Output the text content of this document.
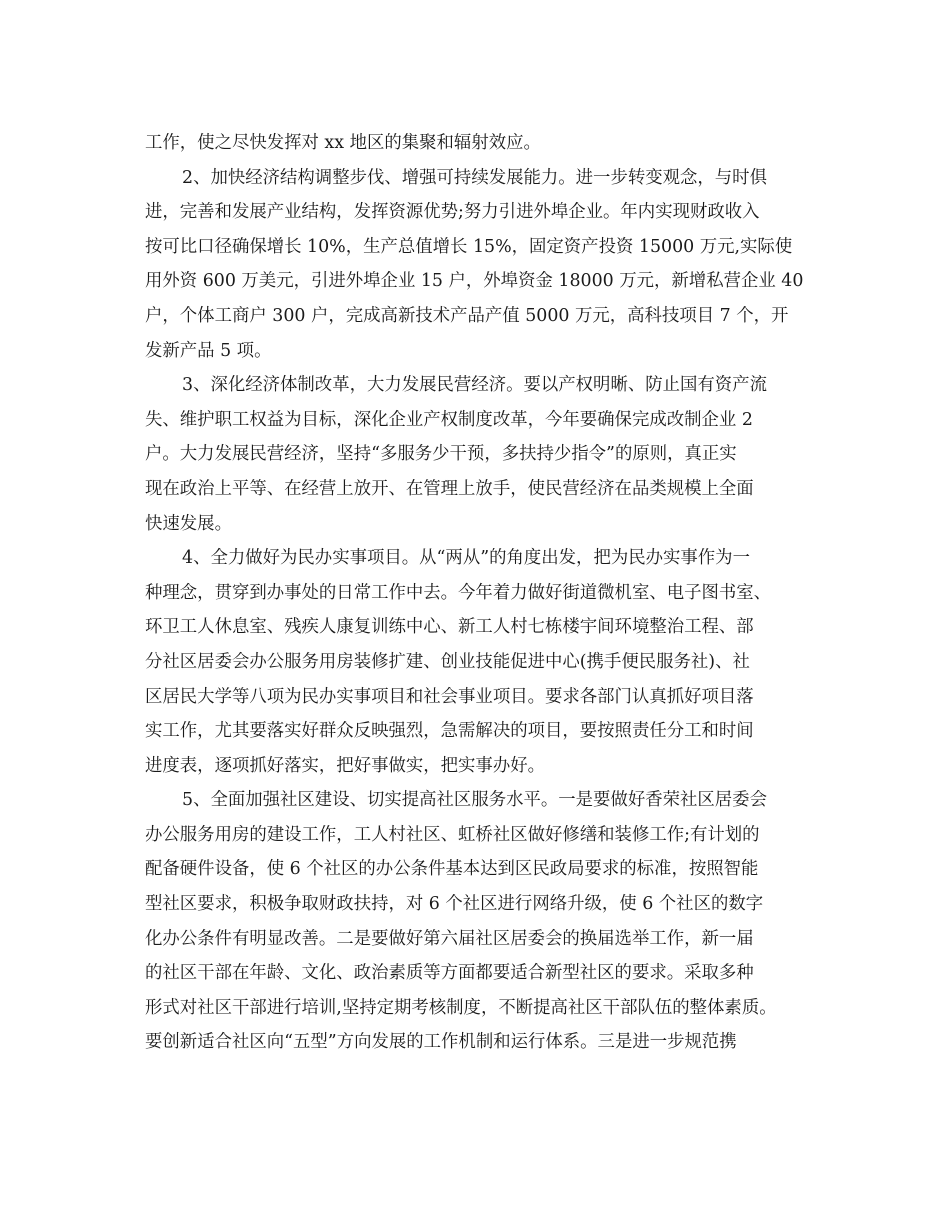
工作，使之尽快发挥对 xx 地区的集聚和辐射效应。
2、加快经济结构调整步伐、增强可持续发展能力。进一步转变观念，与时俱
进，完善和发展产业结构，发挥资源优势;努力引进外埠企业。年内实现财政收入
按可比口径确保增长 10%，生产总值增长 15%，固定资产投资 15000 万元,实际使
用外资 600 万美元，引进外埠企业 15 户，外埠资金 18000 万元，新增私营企业 40
户，个体工商户 300 户，完成高新技术产品产值 5000 万元，高科技项目 7 个，开
发新产品 5 项。
3、深化经济体制改革，大力发展民营经济。要以产权明晰、防止国有资产流
失、维护职工权益为目标，深化企业产权制度改革，今年要确保完成改制企业 2
户。大力发展民营经济，坚持“多服务少干预，多扶持少指令”的原则，真正实
现在政治上平等、在经营上放开、在管理上放手，使民营经济在品类规模上全面
快速发展。
4、全力做好为民办实事项目。从“两从”的角度出发，把为民办实事作为一
种理念，贯穿到办事处的日常工作中去。今年着力做好街道微机室、电子图书室、
环卫工人休息室、残疾人康复训练中心、新工人村七栋楼宇间环境整治工程、部
分社区居委会办公服务用房装修扩建、创业技能促进中心(携手便民服务社)、社
区居民大学等八项为民办实事项目和社会事业项目。要求各部门认真抓好项目落
实工作，尤其要落实好群众反映强烈，急需解决的项目，要按照责任分工和时间
进度表，逐项抓好落实，把好事做实，把实事办好。
5、全面加强社区建设、切实提高社区服务水平。一是要做好香荣社区居委会
办公服务用房的建设工作，工人村社区、虹桥社区做好修缮和装修工作;有计划的
配备硬件设备，使 6 个社区的办公条件基本达到区民政局要求的标准，按照智能
型社区要求，积极争取财政扶持，对 6 个社区进行网络升级，使 6 个社区的数字
化办公条件有明显改善。二是要做好第六届社区居委会的换届选举工作，新一届
的社区干部在年龄、文化、政治素质等方面都要适合新型社区的要求。采取多种
形式对社区干部进行培训,坚持定期考核制度，不断提高社区干部队伍的整体素质。
要创新适合社区向“五型”方向发展的工作机制和运行体系。三是进一步规范携
